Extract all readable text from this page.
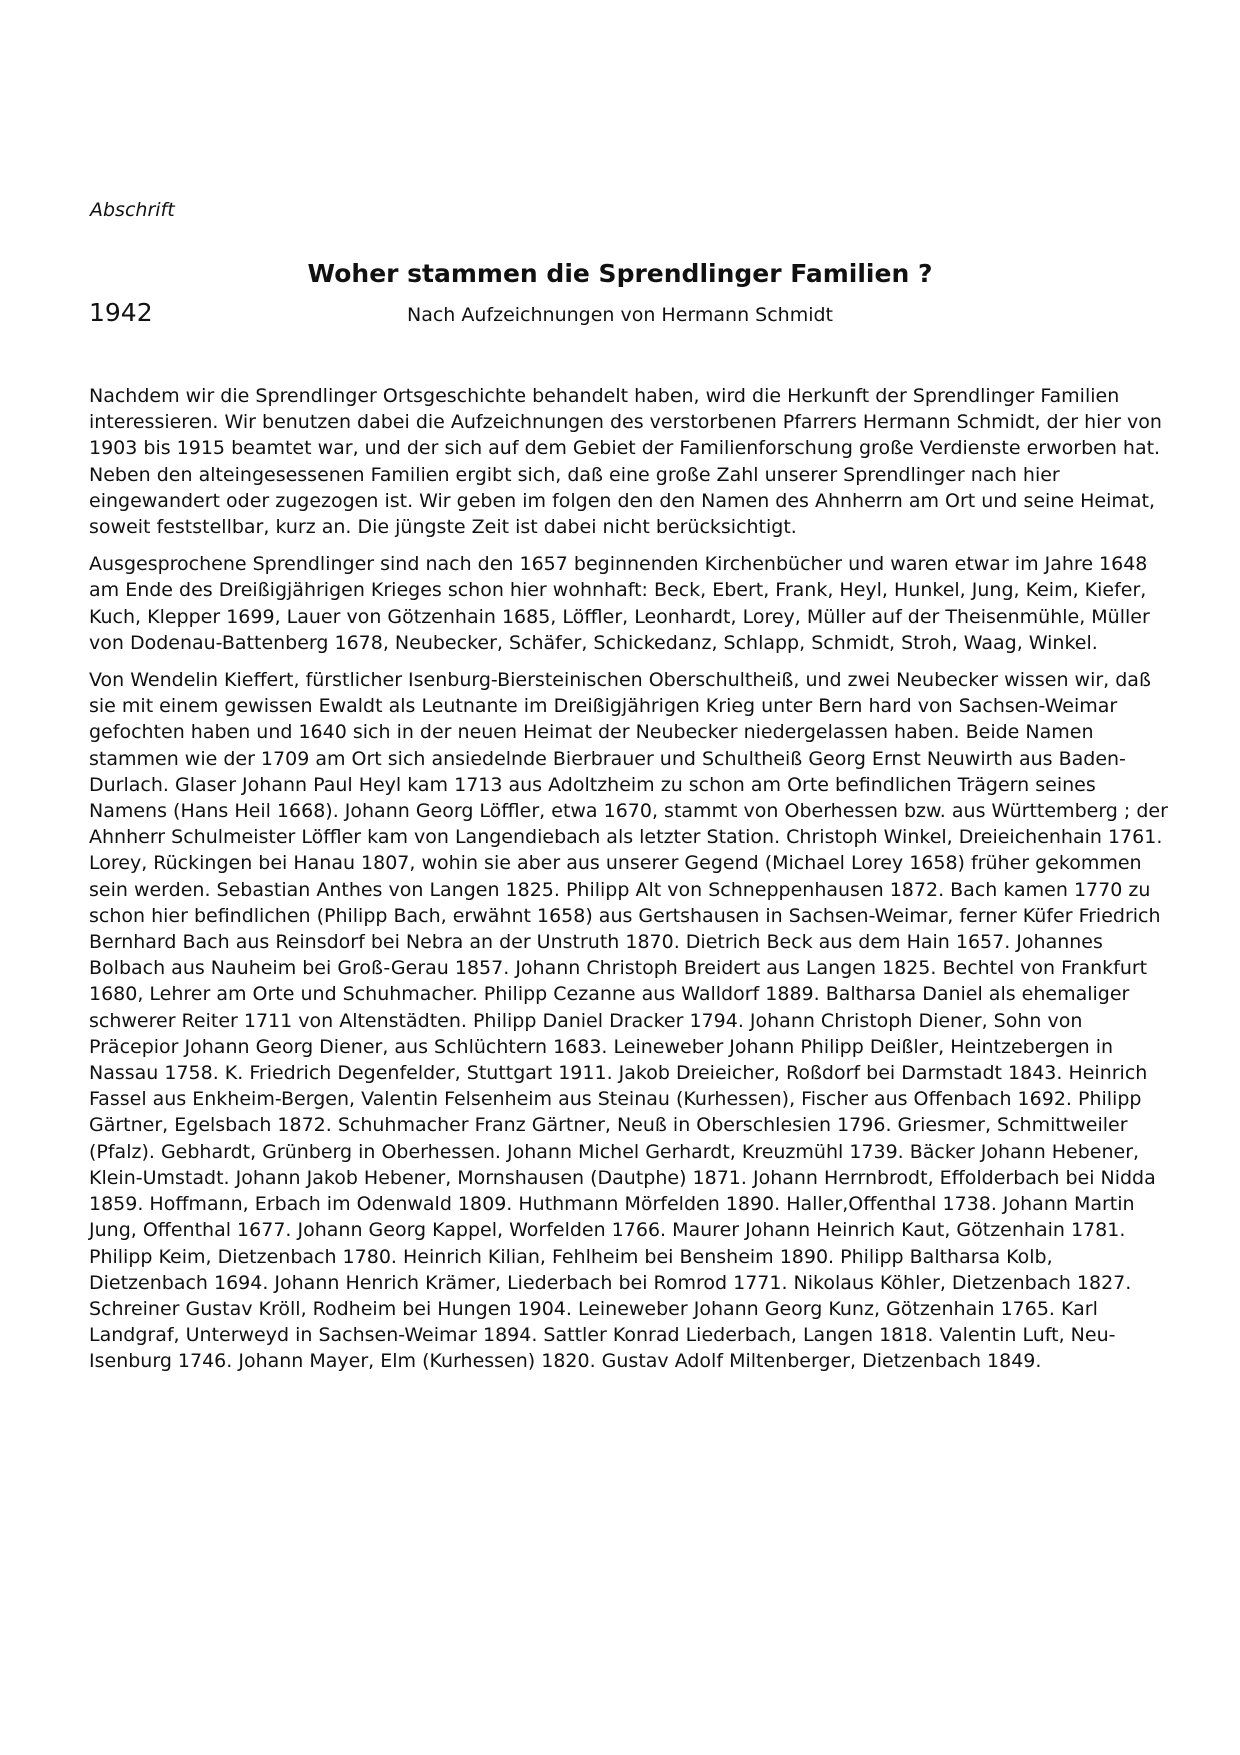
Abschrift
Woher stammen die Sprendlinger Familien ?
1942	Nach Aufzeichnungen von Hermann Schmidt

Nachdem wir die Sprendlinger Ortsgeschichte behandelt haben, wird die Herkunft der Sprendlinger Familien interessieren. Wir benutzen dabei die Aufzeichnungen des verstorbenen Pfarrers Hermann Schmidt, der hier von 1903 bis 1915 beamtet war, und der sich auf dem Gebiet der Familienforschung große Verdienste erworben hat. Neben den alteingesessenen Familien ergibt sich, daß eine große Zahl unserer Sprendlinger nach hier eingewandert oder zugezogen ist. Wir geben im folgen den den Namen des Ahnherrn am Ort und seine Heimat, soweit feststellbar, kurz an. Die jüngste Zeit ist dabei nicht berücksichtigt.

Ausgesprochene Sprendlinger sind nach den 1657 beginnenden Kirchenbücher und waren etwar im Jahre 1648 am Ende des Dreißigjährigen Krieges schon hier wohnhaft: Beck, Ebert, Frank, Heyl, Hunkel, Jung, Keim, Kiefer, Kuch, Klepper 1699, Lauer von Götzenhain 1685, Löffler, Leonhardt, Lorey, Müller auf der Theisenmühle, Müller von Dodenau-Battenberg 1678, Neubecker, Schäfer, Schickedanz, Schlapp, Schmidt, Stroh, Waag, Winkel.

Von Wendelin Kieffert, fürstlicher Isenburg-Biersteinischen Oberschultheiß, und zwei Neubecker wissen wir, daß sie mit einem gewissen Ewaldt als Leutnante im Dreißigjährigen Krieg unter Bern hard von Sachsen-Weimar gefochten haben und 1640 sich in der neuen Heimat der Neubecker niedergelassen haben. Beide Namen stammen wie der 1709 am Ort sich ansiedelnde Bierbrauer und Schultheiß Georg Ernst Neuwirth aus Baden-Durlach. Glaser Johann Paul Heyl kam 1713 aus Adoltzheim zu schon am Orte befindlichen Trägern seines Namens (Hans Heil 1668). Johann Georg Löffler, etwa 1670, stammt von Oberhessen bzw. aus Württemberg ; der Ahnherr Schulmeister Löffler kam von Langendiebach als letzter Station. Christoph Winkel, Dreieichenhain 1761. Lorey, Rückingen bei Hanau 1807, wohin sie aber aus unserer Gegend (Michael Lorey 1658) früher gekommen sein werden. Sebastian Anthes von Langen 1825. Philipp Alt von Schneppenhausen 1872. Bach kamen 1770 zu schon hier befindlichen (Philipp Bach, erwähnt 1658) aus Gertshausen in Sachsen-Weimar, ferner Küfer Friedrich Bernhard Bach aus Reinsdorf bei Nebra an der Unstruth 1870. Dietrich Beck aus dem Hain 1657. Johannes Bolbach aus Nauheim bei Groß-Gerau 1857. Johann Christoph Breidert aus Langen 1825. Bechtel von Frankfurt 1680, Lehrer am Orte und Schuhmacher. Philipp Cezanne aus Walldorf 1889. Baltharsa Daniel als ehemaliger schwerer Reiter 1711 von Altenstädten. Philipp Daniel Dracker 1794. Johann Christoph Diener, Sohn von Präcepior Johann Georg Diener, aus Schlüchtern 1683. Leineweber Johann Philipp Deißler, Heintzebergen in Nassau 1758. K. Friedrich Degenfelder, Stuttgart 1911. Jakob Dreieicher, Roßdorf bei Darmstadt 1843. Heinrich Fassel aus Enkheim-Bergen, Valentin Felsenheim aus Steinau (Kurhessen), Fischer aus Offenbach 1692. Philipp Gärtner, Egelsbach 1872. Schuhmacher Franz Gärtner, Neuß in Oberschlesien 1796. Griesmer, Schmittweiler (Pfalz). Gebhardt, Grünberg in Oberhessen. Johann Michel Gerhardt, Kreuzmühl 1739. Bäcker Johann Hebener, Klein-Umstadt. Johann Jakob Hebener, Mornshausen (Dautphe) 1871. Johann Herrnbrodt, Effolderbach bei Nidda 1859. Hoffmann, Erbach im Odenwald 1809. Huthmann Mörfelden 1890. Haller,Offenthal 1738. Johann Martin Jung, Offenthal 1677. Johann Georg Kappel, Worfelden 1766. Maurer Johann Heinrich Kaut, Götzenhain 1781. Philipp Keim, Dietzenbach 1780. Heinrich Kilian, Fehlheim bei Bensheim 1890. Philipp Baltharsa Kolb, Dietzenbach 1694. Johann Henrich Krämer, Liederbach bei Romrod 1771. Nikolaus Köhler, Dietzenbach 1827. Schreiner Gustav Kröll, Rodheim bei Hungen 1904. Leineweber Johann Georg Kunz, Götzenhain 1765. Karl Landgraf, Unterweyd in Sachsen-Weimar 1894. Sattler Konrad Liederbach, Langen 1818. Valentin Luft, Neu-Isenburg 1746. Johann Mayer, Elm (Kurhessen) 1820. Gustav Adolf Miltenberger, Dietzenbach 1849.
